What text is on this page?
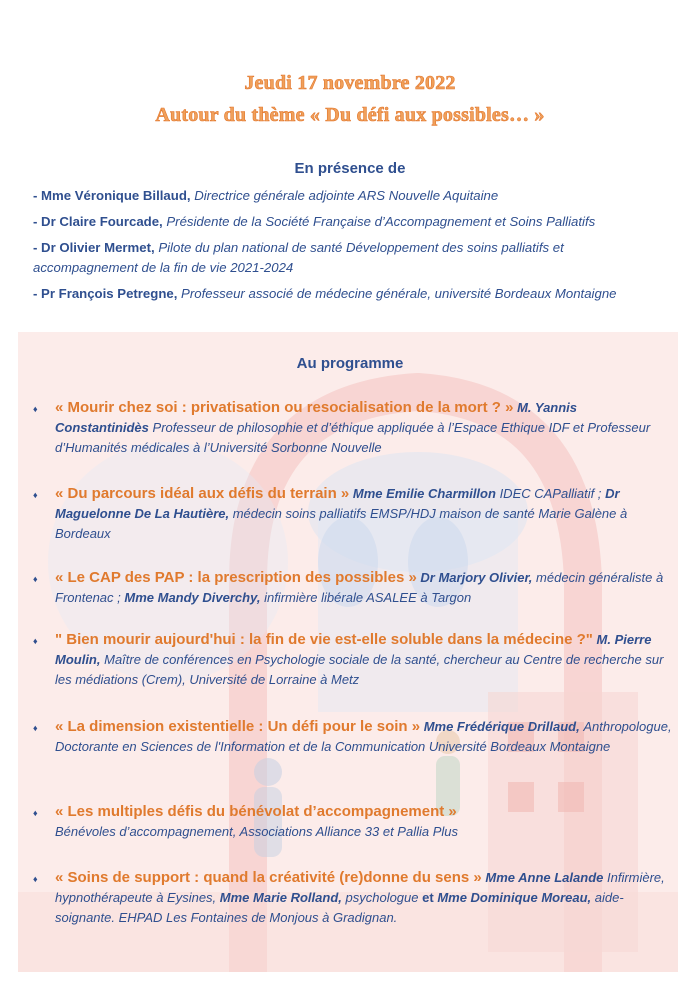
Jeudi 17 novembre 2022
Autour du thème « Du défi aux possibles… »
En présence de
- Mme Véronique Billaud, Directrice générale adjointe ARS Nouvelle Aquitaine
- Dr Claire Fourcade, Présidente de la Société Française d’Accompagnement et Soins Palliatifs
- Dr Olivier Mermet, Pilote du plan national de santé Développement des soins palliatifs et accompagnement de la fin de vie 2021-2024
- Pr François Petregne, Professeur associé de médecine générale, université Bordeaux Montaigne
Au programme
♦ « Mourir chez soi : privatisation ou resocialisation de la mort ? » M. Yannis Constantinidès Professeur de philosophie et d’éthique appliquée à l’Espace Ethique IDF et Professeur d’Humanités médicales à l’Université Sorbonne Nouvelle
♦ « Du parcours idéal aux défis du terrain » Mme Emilie Charmillon IDEC CAPalliatif ; Dr Maguelonne De La Hautière, médecin soins palliatifs EMSP/HDJ maison de santé Marie Galène à Bordeaux
♦ « Le CAP des PAP : la prescription des possibles » Dr Marjory Olivier, médecin généraliste à Frontenac ; Mme Mandy Diverchy, infirmière libérale ASALEE à Targon
♦ " Bien mourir aujourd'hui : la fin de vie est-elle soluble dans la médecine ?" M. Pierre Moulin, Maître de conférences en Psychologie sociale de la santé, chercheur au Centre de recherche sur les médiations (Crem), Université de Lorraine à Metz
♦ « La dimension existentielle : Un défi pour le soin » Mme Frédérique Drillaud, Anthropologue, Doctorante en Sciences de l'Information et de la Communication Université Bordeaux Montaigne
♦ « Les multiples défis du bénévolat d’accompagnement »
Bénévoles d’accompagnement, Associations Alliance 33 et Pallia Plus
♦ « Soins de support : quand la créativité (re)donne du sens » Mme Anne Lalande Infirmière, hypnothérapeute à Eysines, Mme Marie Rolland, psychologue et Mme Dominique Moreau, aide-soignante. EHPAD Les Fontaines de Monjous à Gradignan.
